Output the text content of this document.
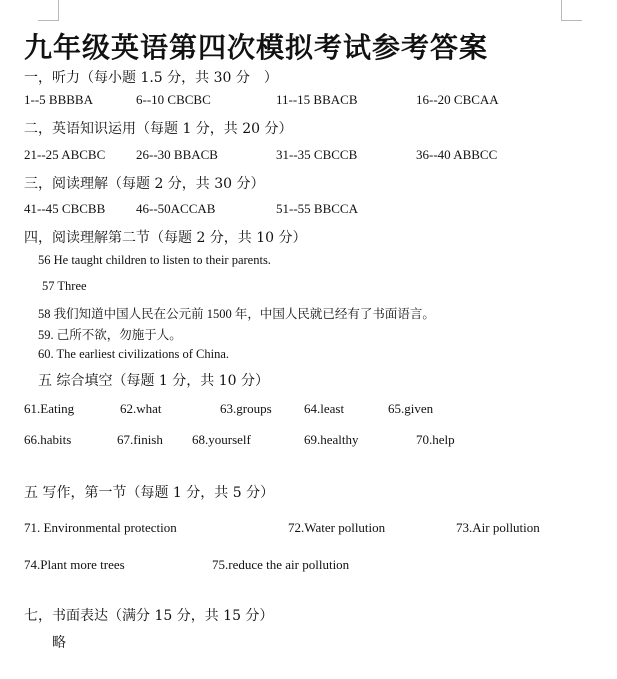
九年级英语第四次模拟考试参考答案
一，听力（每小题 1.5 分，共 30 分　）
1--5 BBBBA	6--10 CBCBC	11--15 BBACB	16--20 CBCAA
二，英语知识运用（每题 1 分，共 20 分）
21--25 ABCBC 26--30 BBACB	31--35 CBCCB	36--40 ABBCC
三，阅读理解（每题 2 分，共 30 分）
41--45 CBCBB 46--50ACCAB	51--55 BBCCA
四，阅读理解第二节（每题 2 分，共 10 分）
56 He taught children to listen to their parents.
57 Three
58 我们知道中国人民在公元前 1500 年，中国人民就已经有了书面语言。
59. 己所不欲，勿施于人。
60. The earliest civilizations of China.
五 综合填空（每题 1 分，共 10 分）
61.Eating	62.what	63.groups 64.least	65.given
66.habits	67.finish 68.yourself	69.healthy	70.help
五 写作，第一节（每题 1 分，共 5 分）
71. Environmental protection	72.Water pollution	73.Air pollution
74.Plant more trees	75.reduce the air pollution
七，书面表达（满分 15 分，共 15 分）
略
